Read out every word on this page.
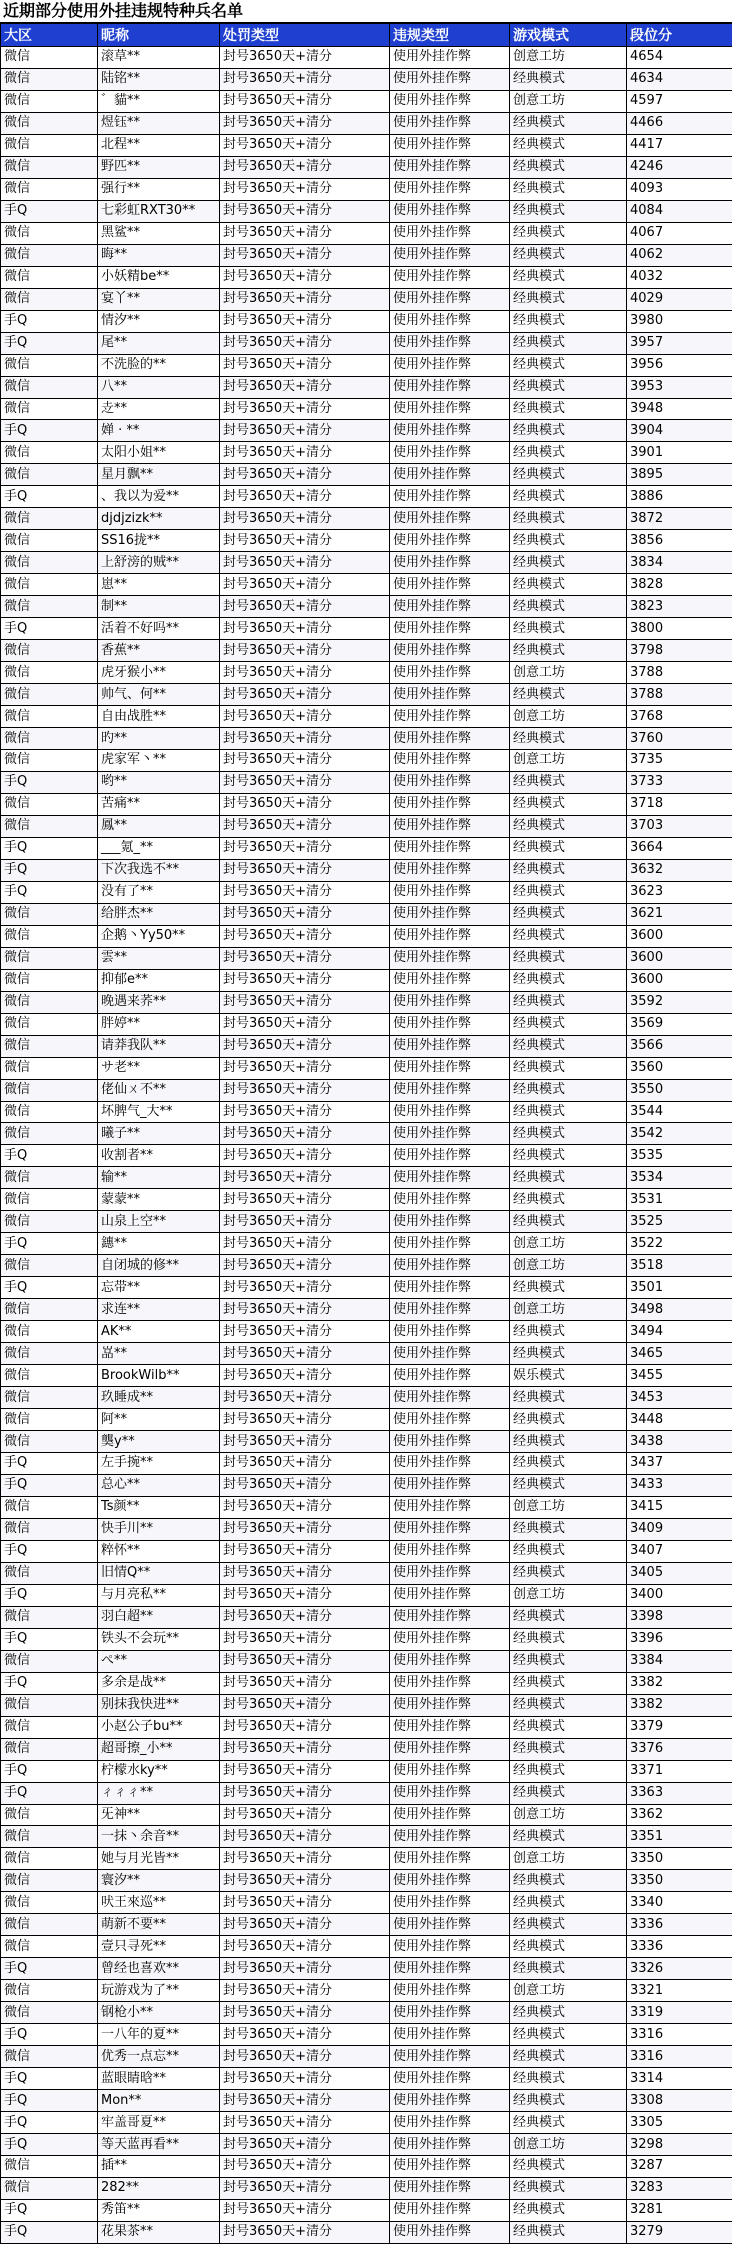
近期部分使用外挂违规特种兵名单
大区	昵称	处罚类型	违规类型	游戏模式	段位分
微信	滚草**	封号3650天+清分	使用外挂作弊	创意工坊	4654
微信	陆铭**	封号3650天+清分	使用外挂作弊	经典模式	4634
微信	゛貓**	封号3650天+清分	使用外挂作弊	创意工坊	4597
微信	煜钰**	封号3650天+清分	使用外挂作弊	经典模式	4466
微信	北程**	封号3650天+清分	使用外挂作弊	经典模式	4417
微信	野匹**	封号3650天+清分	使用外挂作弊	经典模式	4246
微信	强行**	封号3650天+清分	使用外挂作弊	经典模式	4093
手Q	七彩虹RXT30**	封号3650天+清分	使用外挂作弊	经典模式	4084
微信	黑鲨**	封号3650天+清分	使用外挂作弊	经典模式	4067
微信	晦**	封号3650天+清分	使用外挂作弊	经典模式	4062
微信	小妖精be**	封号3650天+清分	使用外挂作弊	经典模式	4032
微信	宴丫**	封号3650天+清分	使用外挂作弊	经典模式	4029
手Q	情汐**	封号3650天+清分	使用外挂作弊	经典模式	3980
手Q	尾**	封号3650天+清分	使用外挂作弊	经典模式	3957
微信	不洗脸的**	封号3650天+清分	使用外挂作弊	经典模式	3956
微信	八**	封号3650天+清分	使用外挂作弊	经典模式	3953
微信	赱**	封号3650天+清分	使用外挂作弊	经典模式	3948
手Q	婵 · **	封号3650天+清分	使用外挂作弊	经典模式	3904
微信	太阳小姐**	封号3650天+清分	使用外挂作弊	经典模式	3901
微信	星月飘**	封号3650天+清分	使用外挂作弊	经典模式	3895
手Q	、我以为爱**	封号3650天+清分	使用外挂作弊	经典模式	3886
微信	djdjzizk**	封号3650天+清分	使用外挂作弊	经典模式	3872
微信	SS16拢**	封号3650天+清分	使用外挂作弊	经典模式	3856
微信	上舒滂的贼**	封号3650天+清分	使用外挂作弊	经典模式	3834
微信	崽**	封号3650天+清分	使用外挂作弊	经典模式	3828
微信	制**	封号3650天+清分	使用外挂作弊	经典模式	3823
手Q	活着不好吗**	封号3650天+清分	使用外挂作弊	经典模式	3800
微信	香蕉**	封号3650天+清分	使用外挂作弊	经典模式	3798
微信	虎牙猴小**	封号3650天+清分	使用外挂作弊	创意工坊	3788
微信	帅气、何**	封号3650天+清分	使用外挂作弊	经典模式	3788
微信	自由战胜**	封号3650天+清分	使用外挂作弊	创意工坊	3768
微信	旳**	封号3650天+清分	使用外挂作弊	经典模式	3760
微信	虎家军丶**	封号3650天+清分	使用外挂作弊	创意工坊	3735
手Q	哟**	封号3650天+清分	使用外挂作弊	经典模式	3733
微信	苦痛**	封号3650天+清分	使用外挂作弊	经典模式	3718
微信	鳳**	封号3650天+清分	使用外挂作弊	经典模式	3703
手Q	___氪_**	封号3650天+清分	使用外挂作弊	经典模式	3664
手Q	下次我选不**	封号3650天+清分	使用外挂作弊	经典模式	3632
手Q	没有了**	封号3650天+清分	使用外挂作弊	经典模式	3623
微信	给胖杰**	封号3650天+清分	使用外挂作弊	经典模式	3621
微信	企鹅丶Yy50**	封号3650天+清分	使用外挂作弊	经典模式	3600
微信	雲**	封号3650天+清分	使用外挂作弊	经典模式	3600
微信	抑郁e**	封号3650天+清分	使用外挂作弊	经典模式	3600
微信	晚遇来荞**	封号3650天+清分	使用外挂作弊	经典模式	3592
微信	胖婷**	封号3650天+清分	使用外挂作弊	经典模式	3569
微信	请莽我队**	封号3650天+清分	使用外挂作弊	经典模式	3566
微信	サ老**	封号3650天+清分	使用外挂作弊	经典模式	3560
微信	佬仙ㄨ不**	封号3650天+清分	使用外挂作弊	经典模式	3550
微信	坏脾气_大**	封号3650天+清分	使用外挂作弊	经典模式	3544
微信	曦子**	封号3650天+清分	使用外挂作弊	经典模式	3542
手Q	收割者**	封号3650天+清分	使用外挂作弊	经典模式	3535
微信	输**	封号3650天+清分	使用外挂作弊	经典模式	3534
微信	蒙蒙**	封号3650天+清分	使用外挂作弊	经典模式	3531
微信	山泉上空**	封号3650天+清分	使用外挂作弊	经典模式	3525
手Q	鏸**	封号3650天+清分	使用外挂作弊	创意工坊	3522
微信	自闭城的修**	封号3650天+清分	使用外挂作弊	创意工坊	3518
手Q	忘带**	封号3650天+清分	使用外挂作弊	经典模式	3501
微信	求连**	封号3650天+清分	使用外挂作弊	创意工坊	3498
微信	AK**	封号3650天+清分	使用外挂作弊	经典模式	3494
微信	嵓**	封号3650天+清分	使用外挂作弊	经典模式	3465
微信	BrookWilb**	封号3650天+清分	使用外挂作弊	娱乐模式	3455
微信	玖睡成**	封号3650天+清分	使用外挂作弊	经典模式	3453
微信	阿**	封号3650天+清分	使用外挂作弊	经典模式	3448
微信	龑y**	封号3650天+清分	使用外挂作弊	经典模式	3438
手Q	左手捥**	封号3650天+清分	使用外挂作弊	经典模式	3437
手Q	总心**	封号3650天+清分	使用外挂作弊	经典模式	3433
微信	Ts颜**	封号3650天+清分	使用外挂作弊	创意工坊	3415
微信	快手川**	封号3650天+清分	使用外挂作弊	经典模式	3409
手Q	粹怀**	封号3650天+清分	使用外挂作弊	经典模式	3407
微信	旧情Q**	封号3650天+清分	使用外挂作弊	经典模式	3405
手Q	与月亮私**	封号3650天+清分	使用外挂作弊	创意工坊	3400
微信	羽白超**	封号3650天+清分	使用外挂作弊	经典模式	3398
手Q	铁头不会玩**	封号3650天+清分	使用外挂作弊	经典模式	3396
微信	ぺ**	封号3650天+清分	使用外挂作弊	经典模式	3384
手Q	多余是战**	封号3650天+清分	使用外挂作弊	经典模式	3382
微信	别抹我快进**	封号3650天+清分	使用外挂作弊	经典模式	3382
微信	小赵公子bu**	封号3650天+清分	使用外挂作弊	经典模式	3379
微信	超哥擦_小**	封号3650天+清分	使用外挂作弊	经典模式	3376
手Q	柠檬水ky**	封号3650天+清分	使用外挂作弊	经典模式	3371
手Q	ㄔㄔㄔ**	封号3650天+清分	使用外挂作弊	经典模式	3363
微信	旡神**	封号3650天+清分	使用外挂作弊	创意工坊	3362
微信	一抹丶余音**	封号3650天+清分	使用外挂作弊	经典模式	3351
微信	她与月光皆**	封号3650天+清分	使用外挂作弊	创意工坊	3350
微信	寰汐**	封号3650天+清分	使用外挂作弊	经典模式	3350
微信	吠王來巡**	封号3650天+清分	使用外挂作弊	经典模式	3340
微信	萌新不要**	封号3650天+清分	使用外挂作弊	经典模式	3336
微信	壹只寻死**	封号3650天+清分	使用外挂作弊	经典模式	3336
手Q	曾经也喜欢**	封号3650天+清分	使用外挂作弊	经典模式	3326
微信	玩游戏为了**	封号3650天+清分	使用外挂作弊	创意工坊	3321
微信	钢枪小**	封号3650天+清分	使用外挂作弊	经典模式	3319
手Q	一八年的夏**	封号3650天+清分	使用外挂作弊	经典模式	3316
微信	优秀一点忘**	封号3650天+清分	使用外挂作弊	经典模式	3316
手Q	蓝眼睛晗**	封号3650天+清分	使用外挂作弊	经典模式	3314
手Q	Mon**	封号3650天+清分	使用外挂作弊	经典模式	3308
手Q	牢盖哥夏**	封号3650天+清分	使用外挂作弊	经典模式	3305
手Q	等天蓝再看**	封号3650天+清分	使用外挂作弊	创意工坊	3298
微信	插**	封号3650天+清分	使用外挂作弊	经典模式	3287
微信	282**	封号3650天+清分	使用外挂作弊	经典模式	3283
手Q	秀笛**	封号3650天+清分	使用外挂作弊	经典模式	3281
手Q	花果茶**	封号3650天+清分	使用外挂作弊	经典模式	3279
